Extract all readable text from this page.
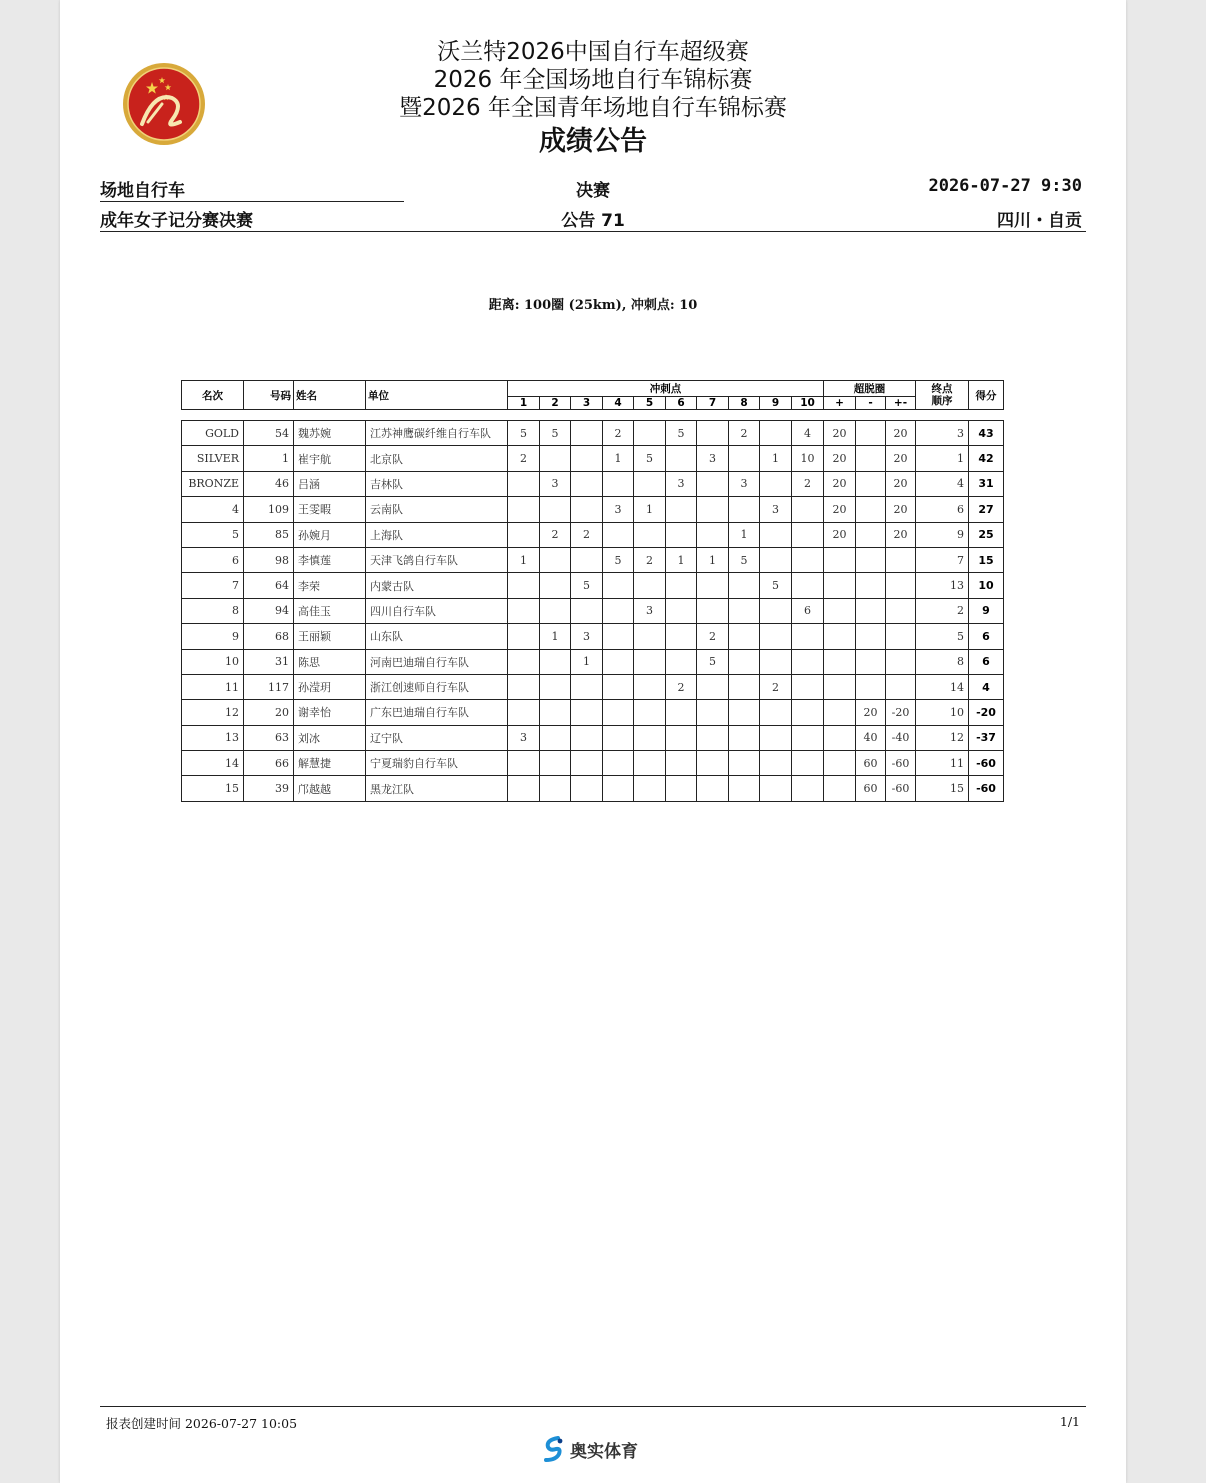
沃兰特2026中国自行车超级赛
2026 年全国场地自行车锦标赛
暨2026 年全国青年场地自行车锦标赛
成绩公告
场地自行车	决赛	2026-07-27 9:30
成年女子记分赛决赛	公告 71	四川・自贡
距离: 100圈 (25km), 冲刺点: 10
名次	号码	姓名	单位	冲刺点										超脱圈			终点
顺序	得分
				1	2	3	4	5	6	7	8	9	10	+	-	+-		

GOLD	54	魏苏婉	江苏神鹰碳纤维自行车队	5	5		2		5		2		4	20		20	3	43
SILVER	1	崔宇航	北京队	2			1	5		3		1	10	20		20	1	42
BRONZE	46	吕涵	吉林队		3				3		3		2	20		20	4	31
4	109	王雯暇	云南队				3	1				3		20		20	6	27
5	85	孙婉月	上海队		2	2					1			20		20	9	25
6	98	李慎莲	天津飞鸽自行车队	1			5	2	1	1	5						7	15
7	64	李荣	内蒙古队			5						5					13	10
8	94	高佳玉	四川自行车队					3					6				2	9
9	68	王丽颖	山东队		1	3				2							5	6
10	31	陈思	河南巴迪瑞自行车队			1				5							8	6
11	117	孙滢玥	浙江创速师自行车队						2			2					14	4
12	20	谢幸怡	广东巴迪瑞自行车队												20	-20	10	-20
13	63	刘冰	辽宁队	3											40	-40	12	-37
14	66	解慧捷	宁夏瑞豹自行车队												60	-60	11	-60
15	39	邝越越	黑龙江队												60	-60	15	-60
报表创建时间 2026-07-27 10:05	1/1
奥实体育
